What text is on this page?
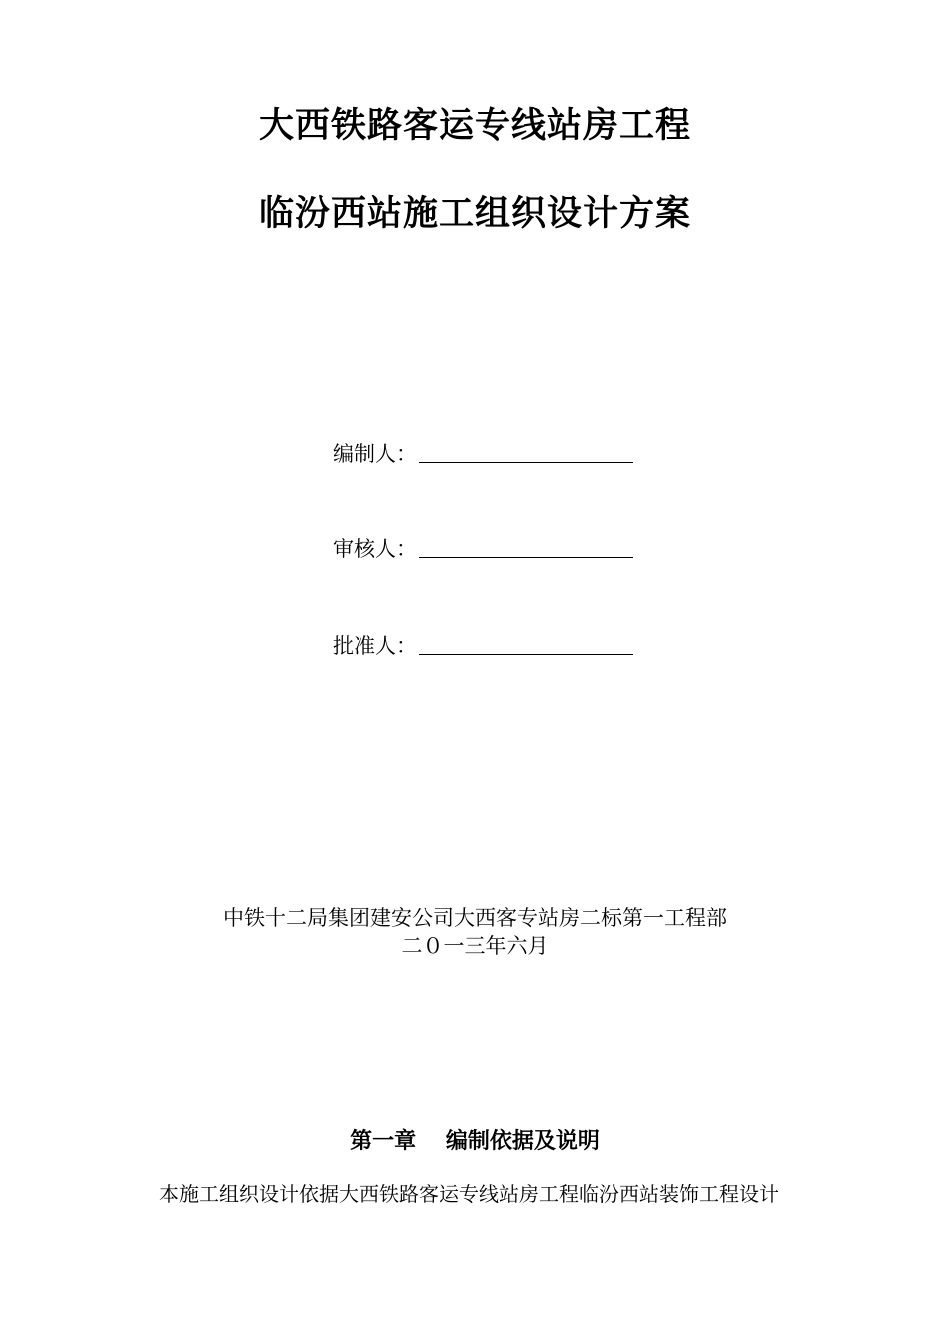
大西铁路客运专线站房工程
临汾西站施工组织设计方案
编制人：
审核人：
批准人：
中铁十二局集团建安公司大西客专站房二标第一工程部
二０一三年六月
第一章　 编制依据及说明
本施工组织设计依据大西铁路客运专线站房工程临汾西站装饰工程设计
